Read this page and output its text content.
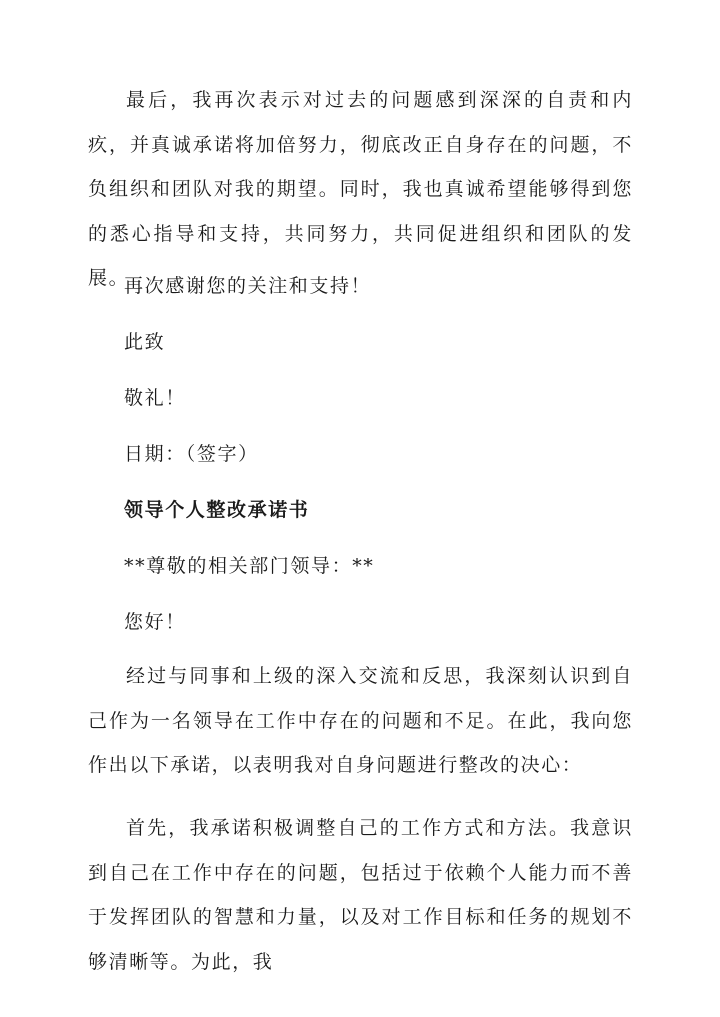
最后，我再次表示对过去的问题感到深深的自责和内疚，并真诚承诺将加倍努力，彻底改正自身存在的问题，不负组织和团队对我的期望。同时，我也真诚希望能够得到您的悉心指导和支持，共同努力，共同促进组织和团队的发展。

再次感谢您的关注和支持！

此致

敬礼！

日期：（签字）

领导个人整改承诺书

**尊敬的相关部门领导：**

您好！

经过与同事和上级的深入交流和反思，我深刻认识到自己作为一名领导在工作中存在的问题和不足。在此，我向您作出以下承诺，以表明我对自身问题进行整改的决心：

首先，我承诺积极调整自己的工作方式和方法。我意识到自己在工作中存在的问题，包括过于依赖个人能力而不善于发挥团队的智慧和力量，以及对工作目标和任务的规划不够清晰等。为此，我
